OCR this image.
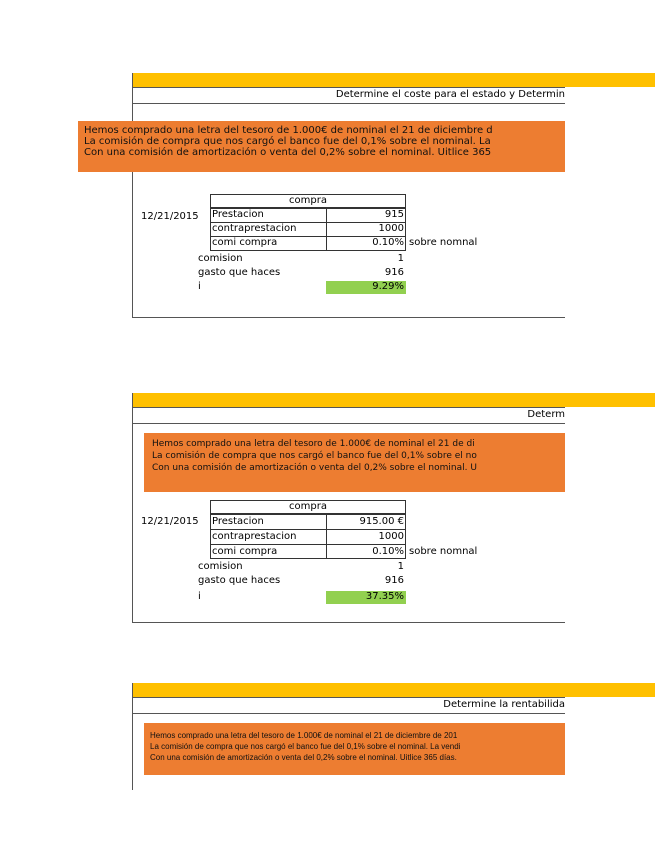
Determine el coste para el estado y Determin
Hemos comprado una letra del tesoro de 1.000€ de nominal el 21 de diciembre d
La comisión de compra que nos cargó el banco fue del 0,1% sobre el nominal. La
Con una comisión de amortización o venta del 0,2% sobre el nominal. Uitlice 365
12/21/2015
compra
Prestacion	915
contraprestacion	1000
comi compra	0.10% sobre nomnal
comision	1
gasto que haces	916
i	9.29%
Determ
Hemos comprado una letra del tesoro de 1.000€ de nominal el 21 de di
La comisión de compra que nos cargó el banco fue del 0,1% sobre el no
Con una comisión de amortización o venta del 0,2% sobre el nominal. U
12/21/2015
compra
Prestacion	915.00 €
contraprestacion	1000
comi compra	0.10% sobre nomnal
comision	1
gasto que haces	916
i	37.35%
Determine la rentabilida
Hemos comprado una letra del tesoro de 1.000€ de nominal el 21 de diciembre de 201
La comisión de compra que nos cargó el banco fue del 0,1% sobre el nominal. La vendi
Con una comisión de amortización o venta del 0,2% sobre el nominal. Uitlice 365 días.
